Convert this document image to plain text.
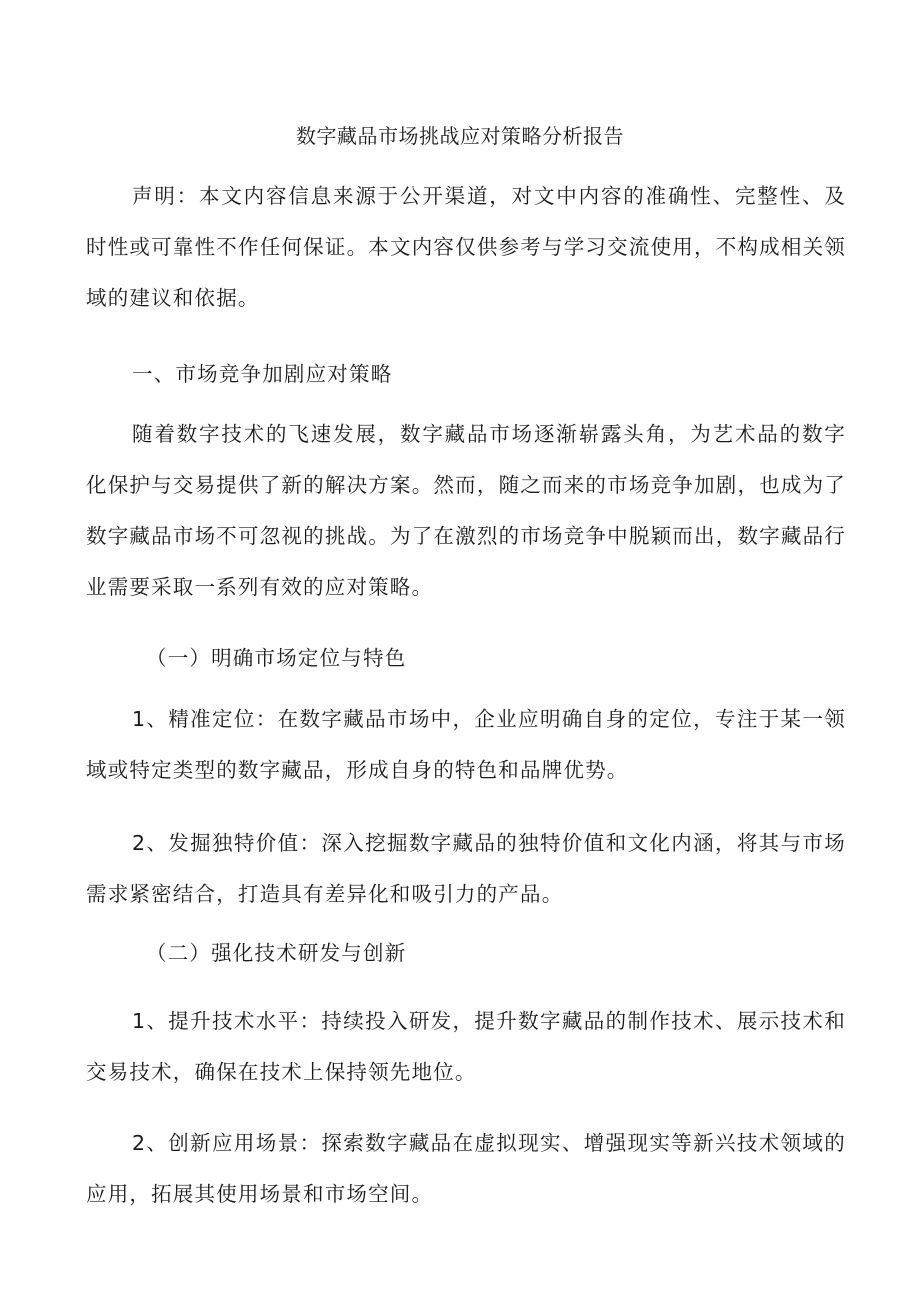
数字藏品市场挑战应对策略分析报告

声明：本文内容信息来源于公开渠道，对文中内容的准确性、完整性、及时性或可靠性不作任何保证。本文内容仅供参考与学习交流使用，不构成相关领域的建议和依据。

一、市场竞争加剧应对策略

随着数字技术的飞速发展，数字藏品市场逐渐崭露头角，为艺术品的数字化保护与交易提供了新的解决方案。然而，随之而来的市场竞争加剧，也成为了数字藏品市场不可忽视的挑战。为了在激烈的市场竞争中脱颖而出，数字藏品行业需要采取一系列有效的应对策略。

（一）明确市场定位与特色

1、精准定位：在数字藏品市场中，企业应明确自身的定位，专注于某一领域或特定类型的数字藏品，形成自身的特色和品牌优势。

2、发掘独特价值：深入挖掘数字藏品的独特价值和文化内涵，将其与市场需求紧密结合，打造具有差异化和吸引力的产品。

（二）强化技术研发与创新

1、提升技术水平：持续投入研发，提升数字藏品的制作技术、展示技术和交易技术，确保在技术上保持领先地位。

2、创新应用场景：探索数字藏品在虚拟现实、增强现实等新兴技术领域的应用，拓展其使用场景和市场空间。
